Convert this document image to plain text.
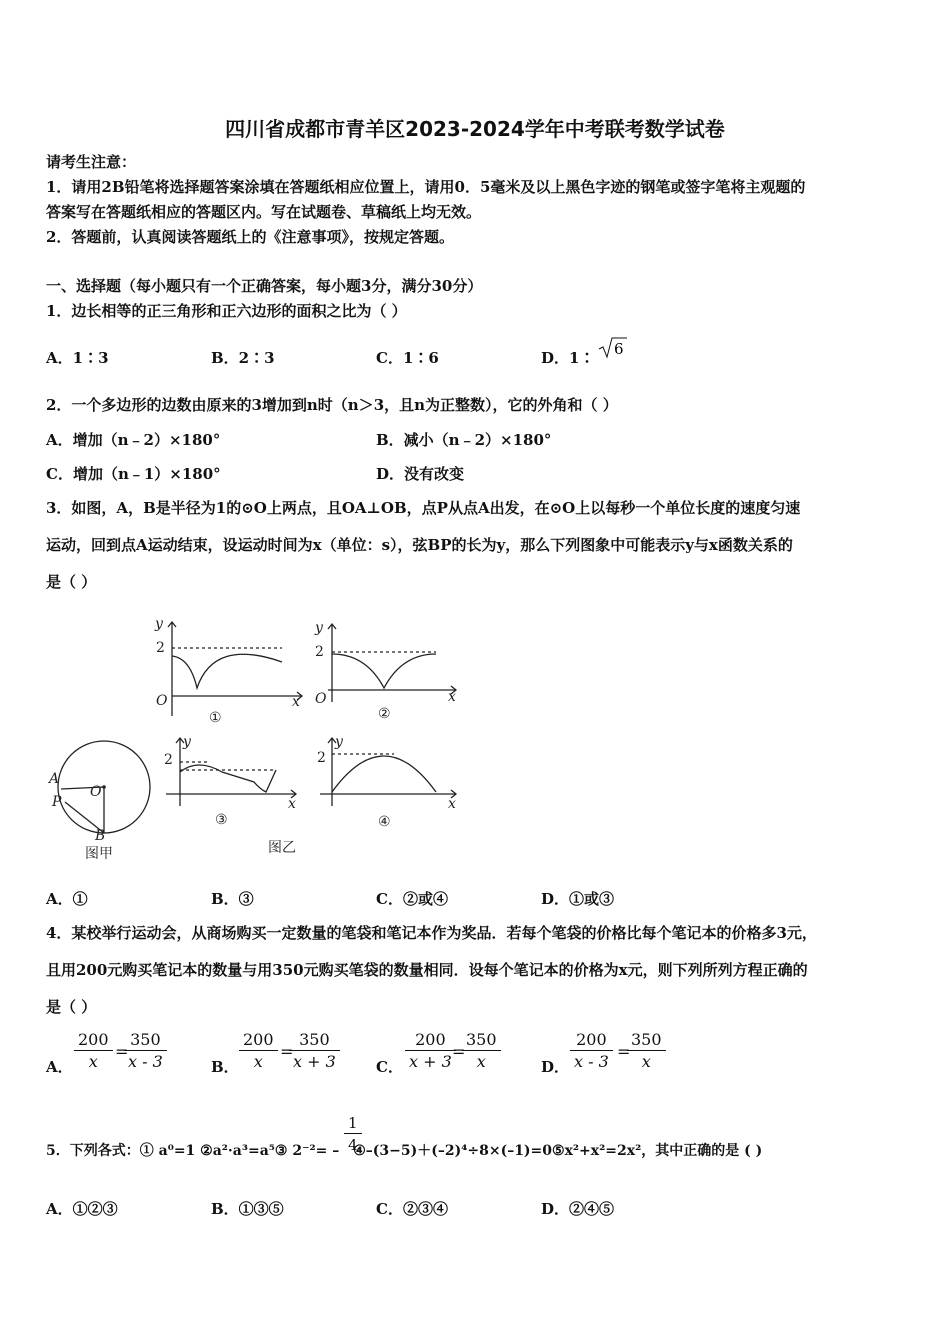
四川省成都市青羊区2023-2024学年中考联考数学试卷
请考生注意：
1．请用2B铅笔将选择题答案涂填在答题纸相应位置上，请用0．5毫米及以上黑色字迹的钢笔或签字笔将主观题的
答案写在答题纸相应的答题区内。写在试题卷、草稿纸上均无效。
2．答题前，认真阅读答题纸上的《注意事项》，按规定答题。
一、选择题（每小题只有一个正确答案，每小题3分，满分30分）
1．边长相等的正三角形和正六边形的面积之比为（ ）
A．1∶3	B．2∶3	C．1∶6	D．1∶ 6
2．一个多边形的边数由原来的3增加到n时（n＞3，且n为正整数），它的外角和（ ）
A．增加（n﹣2）×180°	B．减小（n﹣2）×180°
C．增加（n﹣1）×180°	D．没有改变
3．如图，A，B是半径为1的⊙O上两点，且OA⊥OB，点P从点A出发，在⊙O上以每秒一个单位长度的速度匀速
运动，回到点A运动结束，设运动时间为x（单位：s），弦BP的长为y，那么下列图象中可能表示y与x函数关系的
是（ ）
y
x
O
y
x
O
y
x
y
x
A
P
O
B
2	2
2	2
①	②
③	④
图甲	图乙
A．①	B．③	C．②或④	D．①或③
4．某校举行运动会，从商场购买一定数量的笔袋和笔记本作为奖品．若每个笔袋的价格比每个笔记本的价格多3元，
且用200元购买笔记本的数量与用350元购买笔袋的数量相同．设每个笔记本的价格为x元，则下列所列方程正确的
是（ ）
A． $\frac{200}{x}$ =
$\frac{350}{x - 3}$	B． $\frac{200}{x}$ =
$\frac{350}{x + 3}$ C． $\frac{200}{x + 3}$
=
$\frac{350}{x}$	D． $\frac{200}{x - 3}$ =
$\frac{350}{x}$
5．下列各式：① a⁰=1 ②a²·a³=a⁵③ 2⁻²= – ④–(3−5)＋(–2)⁴÷8×(–1)=0⑤x²+x²=2x²，其中正确的是 ( )
$\frac{1}{4}$
A．①②③	B．①③⑤	C．②③④	D．②④⑤
